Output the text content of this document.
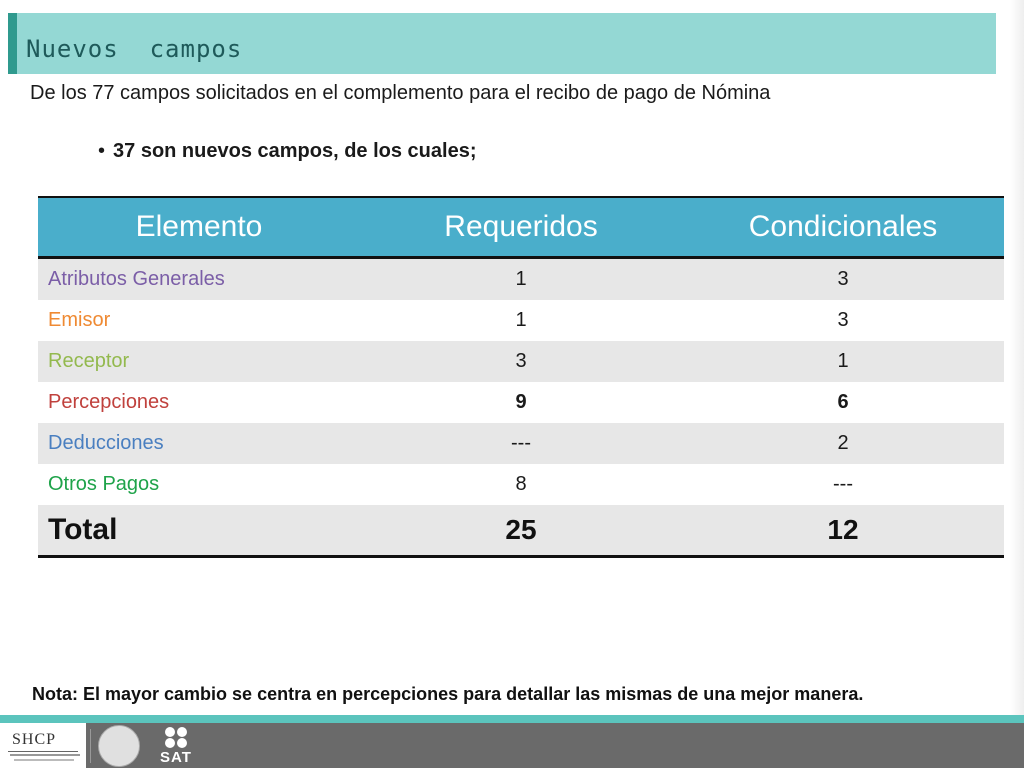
Nuevos  campos
De los 77 campos solicitados en el complemento para el recibo de pago de Nómina
• 37 son nuevos campos, de los cuales;
Elemento	Requeridos	Condicionales
Atributos Generales	1	3
Emisor	1	3
Receptor	3	1
Percepciones	9	6
Deducciones	---	2
Otros Pagos	8	---
Total	25	12
Nota: El mayor cambio se centra en percepciones para detallar las mismas de una mejor manera.
SHCP
SAT
